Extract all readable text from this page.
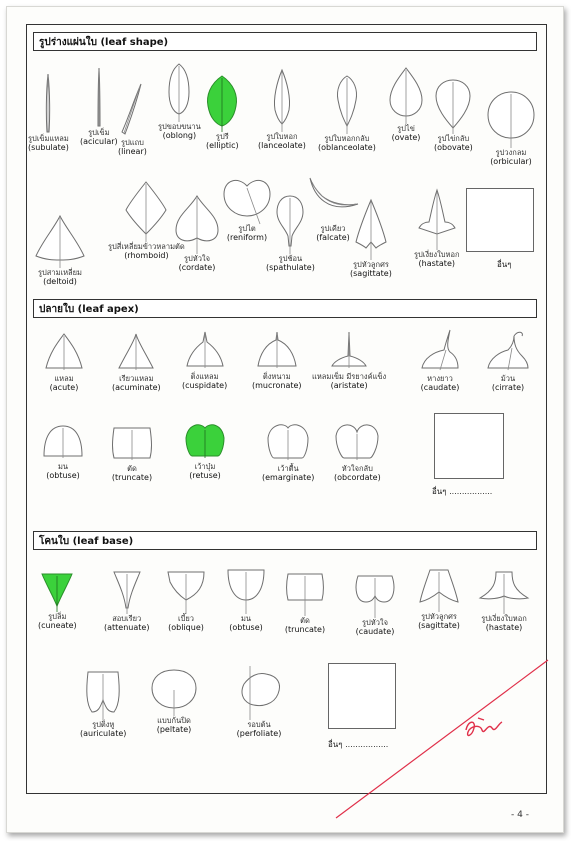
รูปร่างแผ่นใบ (leaf shape)
ปลายใบ (leaf apex)
โคนใบ (leaf base)
รูปเข็มแหลม
(subulate)
รูปเข็ม
(acicular) รูปแถบ
(linear)
รูปขอบขนาน
(oblong)	รูปรี
(elliptic)
รูปใบหอก
(lanceolate)
รูปใบหอกกลับ
(oblanceolate)
รูปไข่
(ovate) รูปไข่กลับ
(obovate)
รูปวงกลม
(orbicular)
รูปสามเหลี่ยม
(deltoid)
รูปสี่เหลี่ยมข้าวหลามตัด
(rhomboid) รูปหัวใจ
(cordate)
รูปไต
(reniform)
รูปช้อน
(spathulate)
รูปเคียว
(falcate)
รูปหัวลูกศร
(sagittate)
รูปเงี่ยงใบหอก
(hastate)
แหลม
(acute)
เรียวแหลม
(acuminate)
ติ่งแหลม
(cuspidate)
ติ่งหนาม
(mucronate)
แหลมเข็ม มีรยางค์แข็ง
(aristate)
หางยาว
(caudate)
ม้วน
(cirrate)
มน
(obtuse)
ตัด
(truncate)
เว้าบุ๋ม
(retuse)
เว้าตื้น
(emarginate)
หัวใจกลับ
(obcordate)
รูปลิ่ม
(cuneate)
สอบเรียว
(attenuate)
เบี้ยว
(oblique)
มน
(obtuse)
ตัด
(truncate)
รูปหัวใจ
(caudate)
รูปหัวลูกศร
(sagittate)
รูปเงี่ยงใบหอก
(hastate)
รูปติ่งหู
(auriculate)
แบบก้นปิด
(peltate)
รอบต้น
(perfoliate)
อื่นๆ
อื่นๆ .................
อื่นๆ .................
- 4 -
